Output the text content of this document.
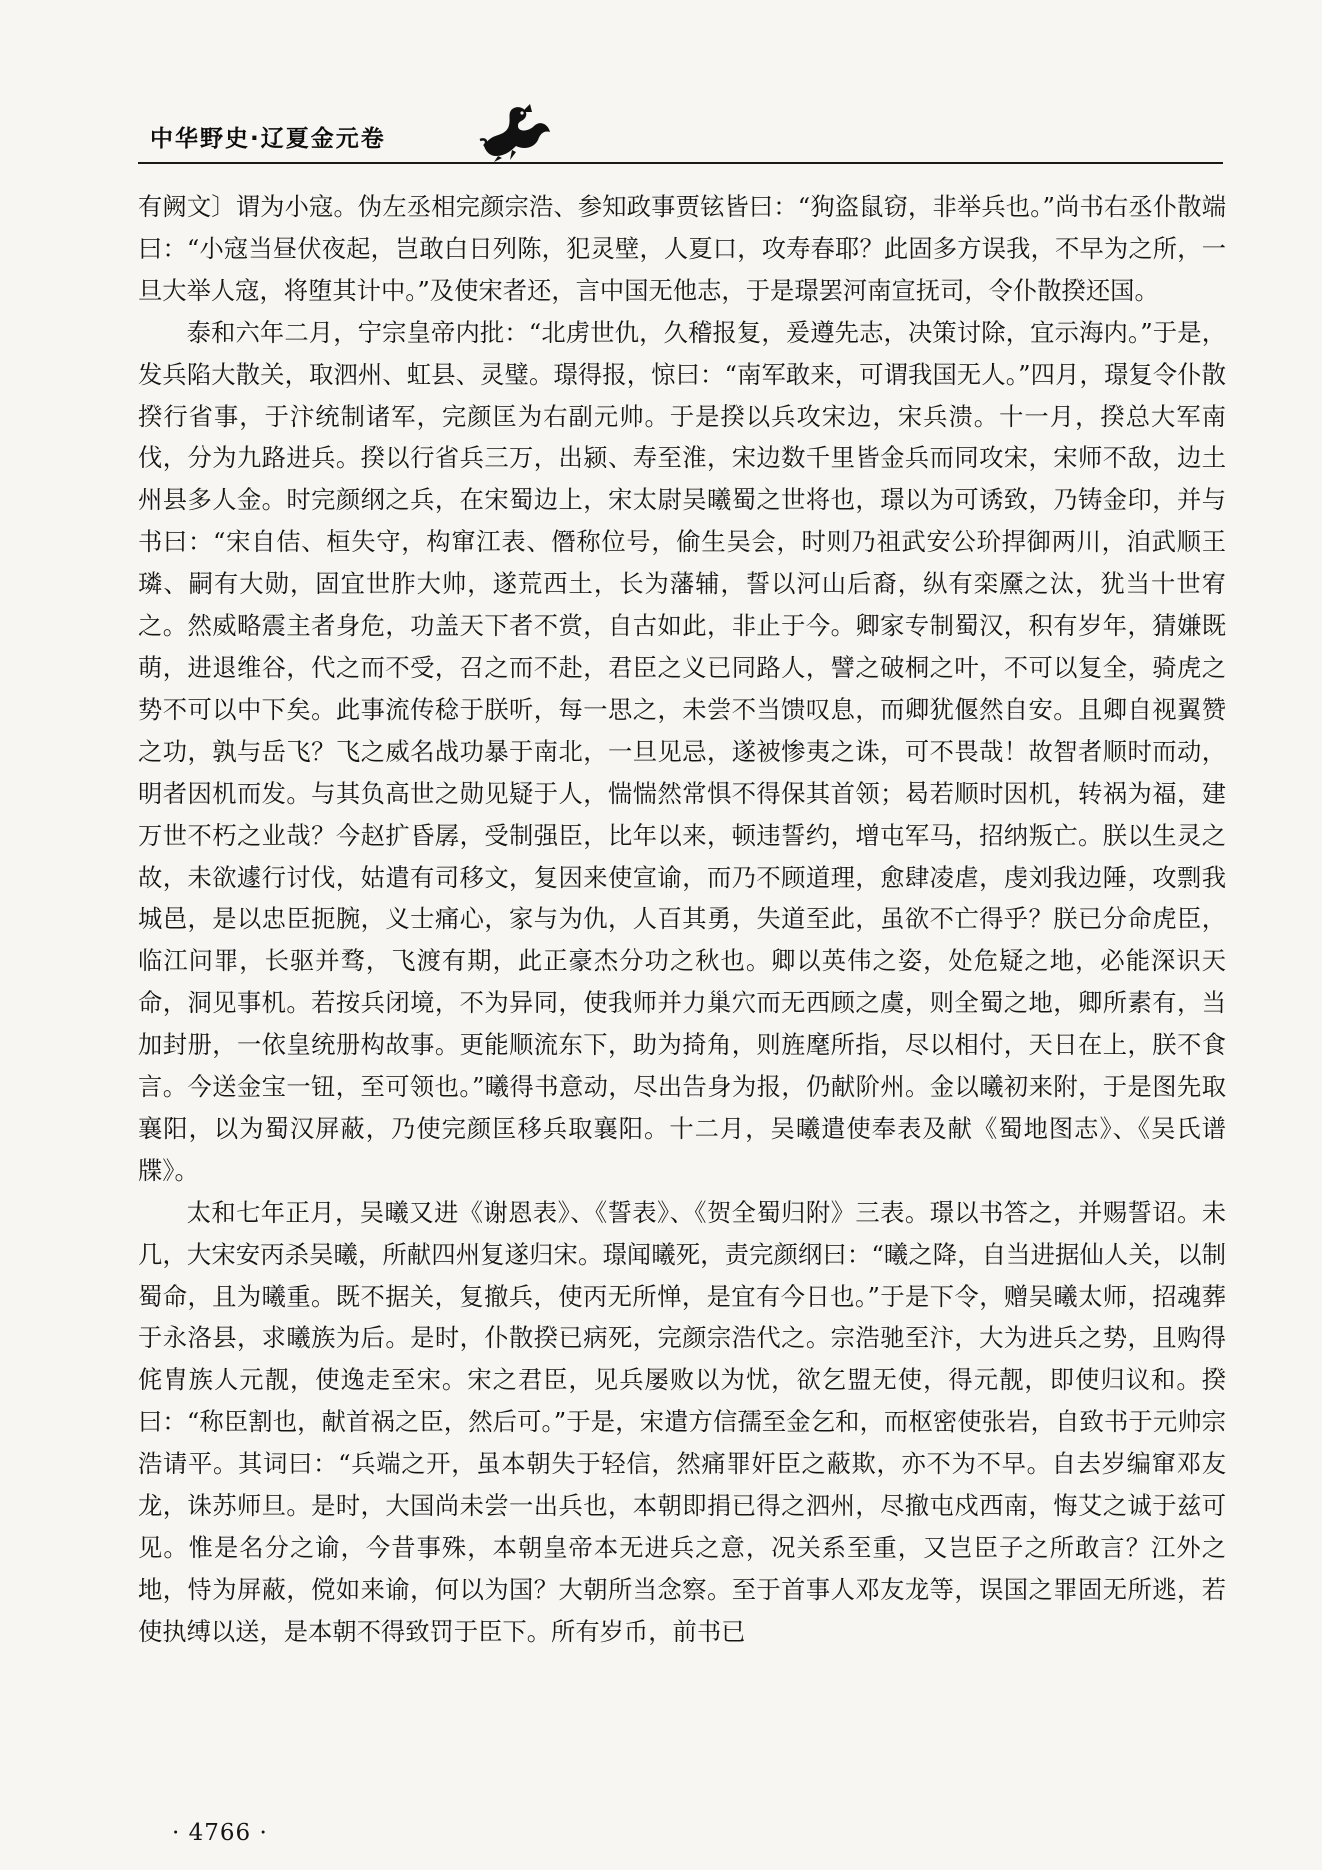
中华野史·辽夏金元卷

有阙文〕谓为小寇。伪左丞相完颜宗浩、参知政事贾铉皆曰：“狗盗鼠窃，非举兵也。”尚书右丞仆散端曰：“小寇当昼伏夜起，岂敢白日列陈，犯灵壁，人夏口，攻寿春耶？此固多方误我，不早为之所，一旦大举人寇，将堕其计中。”及使宋者还，言中国无他志，于是璟罢河南宣抚司，令仆散揆还国。

泰和六年二月，宁宗皇帝内批：“北虏世仇，久稽报复，爰遵先志，决策讨除，宜示海内。”于是，发兵陷大散关，取泗州、虹县、灵璧。璟得报，惊曰：“南军敢来，可谓我国无人。”四月，璟复令仆散揆行省事，于汴统制诸军，完颜匡为右副元帅。于是揆以兵攻宋边，宋兵溃。十一月，揆总大军南伐，分为九路进兵。揆以行省兵三万，出颍、寿至淮，宋边数千里皆金兵而同攻宋，宋师不敌，边土州县多人金。时完颜纲之兵，在宋蜀边上，宋太尉吴曦蜀之世将也，璟以为可诱致，乃铸金印，并与书曰：“宋自佶、桓失守，构窜江表、僭称位号，偷生吴会，时则乃祖武安公玠捍御两川，洎武顺王璘、嗣有大勋，固宜世胙大帅，遂荒西土，长为藩辅，誓以河山后裔，纵有栾黡之汰，犹当十世宥之。然威略震主者身危，功盖天下者不赏，自古如此，非止于今。卿家专制蜀汉，积有岁年，猜嫌既萌，进退维谷，代之而不受，召之而不赴，君臣之义已同路人，譬之破桐之叶，不可以复全，骑虎之势不可以中下矣。此事流传稔于朕听，每一思之，未尝不当馈叹息，而卿犹偃然自安。且卿自视翼赞之功，孰与岳飞？飞之威名战功暴于南北，一旦见忌，遂被惨夷之诛，可不畏哉！故智者顺时而动，明者因机而发。与其负高世之勋见疑于人，惴惴然常惧不得保其首领；曷若顺时因机，转祸为福，建万世不朽之业哉？今赵扩昏孱，受制强臣，比年以来，顿违誓约，增屯军马，招纳叛亡。朕以生灵之故，未欲遽行讨伐，姑遣有司移文，复因来使宣谕，而乃不顾道理，愈肆凌虐，虔刘我边陲，攻剽我城邑，是以忠臣扼腕，义士痛心，家与为仇，人百其勇，失道至此，虽欲不亡得乎？朕已分命虎臣，临江问罪，长驱并骛，飞渡有期，此正豪杰分功之秋也。卿以英伟之姿，处危疑之地，必能深识天命，洞见事机。若按兵闭境，不为异同，使我师并力巢穴而无西顾之虞，则全蜀之地，卿所素有，当加封册，一依皇统册构故事。更能顺流东下，助为掎角，则旌麾所指，尽以相付，天日在上，朕不食言。今送金宝一钮，至可领也。”曦得书意动，尽出告身为报，仍献阶州。金以曦初来附，于是图先取襄阳，以为蜀汉屏蔽，乃使完颜匡移兵取襄阳。十二月，吴曦遣使奉表及献《蜀地图志》、《吴氏谱牒》。

太和七年正月，吴曦又进《谢恩表》、《誓表》、《贺全蜀归附》三表。璟以书答之，并赐誓诏。未几，大宋安丙杀吴曦，所献四州复遂归宋。璟闻曦死，责完颜纲曰：“曦之降，自当进据仙人关，以制蜀命，且为曦重。既不据关，复撤兵，使丙无所惮，是宜有今日也。”于是下令，赠吴曦太师，招魂葬于永洛县，求曦族为后。是时，仆散揆已病死，完颜宗浩代之。宗浩驰至汴，大为进兵之势，且购得侂胄族人元靓，使逸走至宋。宋之君臣，见兵屡败以为忧，欲乞盟无使，得元靓，即使归议和。揆曰：“称臣割也，献首祸之臣，然后可。”于是，宋遣方信孺至金乞和，而枢密使张岩，自致书于元帅宗浩请平。其词曰：“兵端之开，虽本朝失于轻信，然痛罪奸臣之蔽欺，亦不为不早。自去岁编窜邓友龙，诛苏师旦。是时，大国尚未尝一出兵也，本朝即捐已得之泗州，尽撤屯戍西南，悔艾之诚于兹可见。惟是名分之谕，今昔事殊，本朝皇帝本无进兵之意，况关系至重，又岂臣子之所敢言？江外之地，恃为屏蔽，傥如来谕，何以为国？大朝所当念察。至于首事人邓友龙等，误国之罪固无所逃，若使执缚以送，是本朝不得致罚于臣下。所有岁币，前书已

· 4766 ·
